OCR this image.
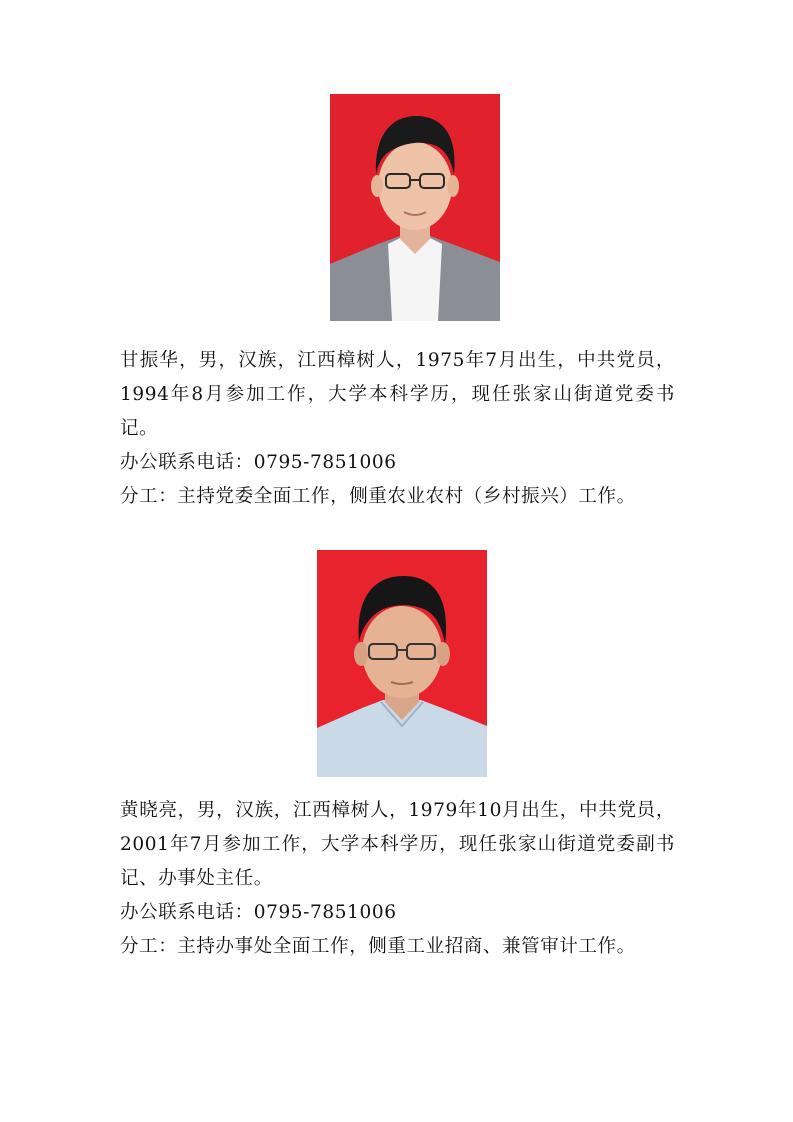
甘振华，男，汉族，江西樟树人，1975年7月出生，中共党员，1994年8月参加工作，大学本科学历，现任张家山街道党委书记。

办公联系电话：0795-7851006

分工：主持党委全面工作，侧重农业农村（乡村振兴）工作。

黄晓亮，男，汉族，江西樟树人，1979年10月出生，中共党员，2001年7月参加工作，大学本科学历，现任张家山街道党委副书记、办事处主任。

办公联系电话：0795-7851006

分工：主持办事处全面工作，侧重工业招商、兼管审计工作。
